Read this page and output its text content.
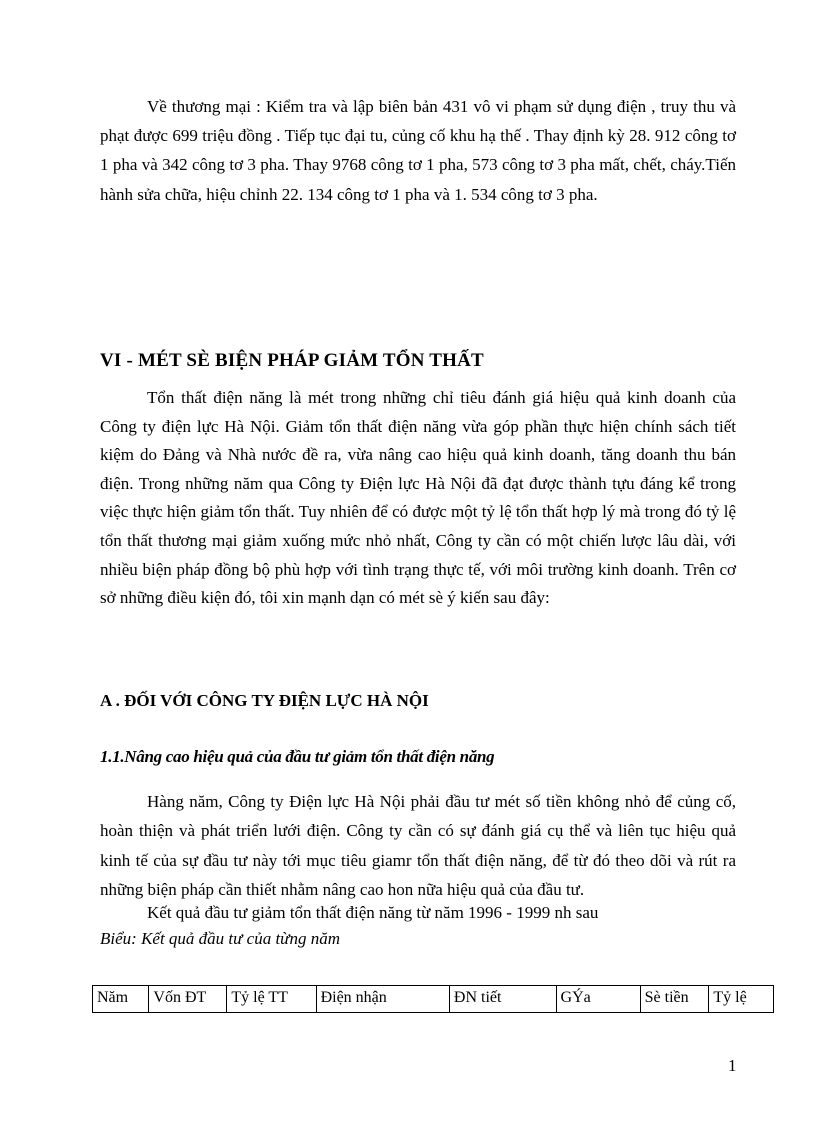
Về thương mại : Kiểm tra và lập biên bản 431 vô vi phạm sử dụng điện , truy thu và phạt được 699 triệu đồng . Tiếp tục đại tu, củng cố khu hạ thế . Thay định kỳ 28. 912 công tơ 1 pha và 342 công tơ 3 pha. Thay 9768 công tơ 1 pha, 573 công tơ 3 pha mất, chết, cháy.Tiến hành sửa chữa, hiệu chỉnh 22. 134 công tơ 1 pha và 1. 534 công tơ 3 pha.

VI - MÉT SÈ BIỆN PHÁP GIẢM TỔN THẤT

Tổn thất điện năng là mét trong những chỉ tiêu đánh giá hiệu quả kinh doanh của Công ty điện lực Hà Nội. Giảm tổn thất điện năng vừa góp phần thực hiện chính sách tiết kiệm do Đảng và Nhà nước đề ra, vừa nâng cao hiệu quả kinh doanh, tăng doanh thu bán điện. Trong những năm qua Công ty Điện lực Hà Nội đã đạt được thành tựu đáng kể trong việc thực hiện giảm tổn thất. Tuy nhiên để có được một tỷ lệ tổn thất hợp lý mà trong đó tỷ lệ tổn thất thương mại giảm xuống mức nhỏ nhất, Công ty cần có một chiến lược lâu dài, với nhiều biện pháp đồng bộ phù hợp với tình trạng thực tế, với môi trường kinh doanh. Trên cơ sở những điều kiện đó, tôi xin mạnh dạn có mét sè ý kiến sau đây:

A . ĐỐI VỚI CÔNG TY ĐIỆN LỰC HÀ NỘI
1.1.Nâng cao hiệu quả của đầu tư giảm tổn thất điện năng

Hàng năm, Công ty Điện lực Hà Nội phải đầu tư mét số tiền không nhỏ để củng cố, hoàn thiện và phát triển lưới điện. Công ty cần có sự đánh giá cụ thể và liên tục hiệu quả kinh tế của sự đầu tư này tới mục tiêu giamr tổn thất điện năng, để từ đó theo dõi và rút ra những biện pháp cần thiết nhằm nâng cao hon nữa hiệu quả của đầu tư.

Kết quả đầu tư giảm tổn thất điện năng từ năm 1996 - 1999 nh sau

Biểu: Kết quả đầu tư của từng năm

Năm	Vốn ĐT	Tỷ lệ TT	Điện nhận	ĐN tiết	GÝa	Sè tiền	Tỷ lệ

1
